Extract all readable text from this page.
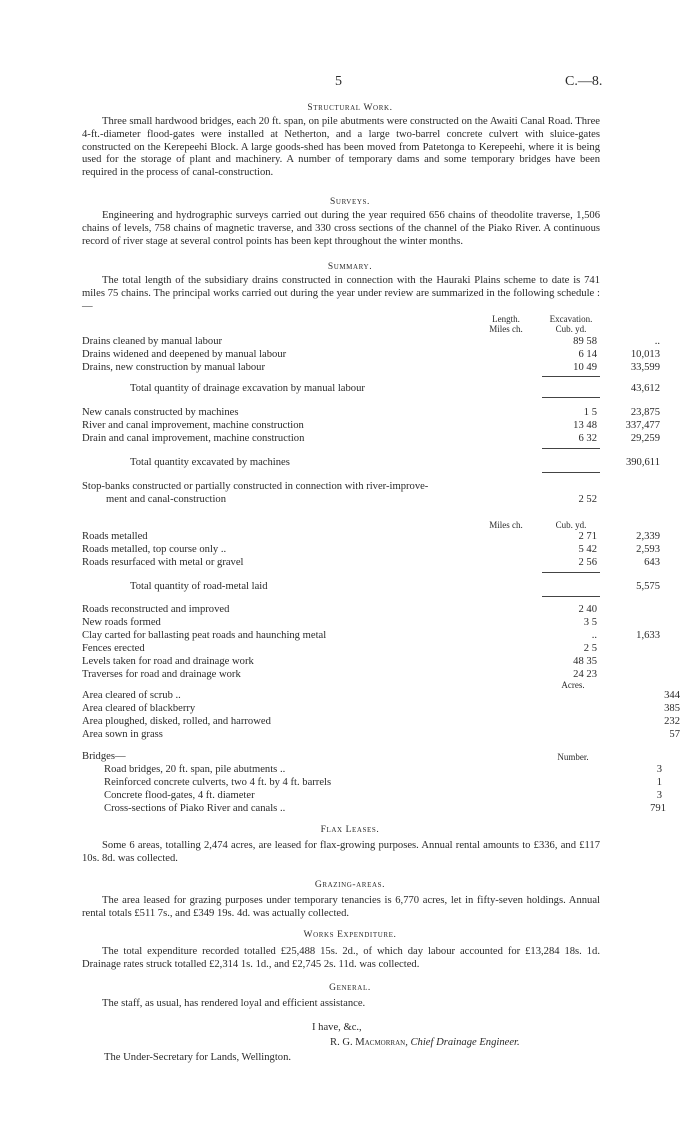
5	C.—8.
Structural Work.
Three small hardwood bridges, each 20 ft. span, on pile abutments were constructed on the Awaiti Canal Road. Three 4-ft.-diameter flood-gates were installed at Netherton, and a large two-barrel concrete culvert with sluice-gates constructed on the Kerepeehi Block. A large goods-shed has been moved from Patetonga to Kerepeehi, where it is being used for the storage of plant and machinery. A number of temporary dams and some temporary bridges have been required in the process of canal-construction.
Surveys.
Engineering and hydrographic surveys carried out during the year required 656 chains of theodolite traverse, 1,506 chains of levels, 758 chains of magnetic traverse, and 330 cross sections of the channel of the Piako River. A continuous record of river stage at several control points has been kept throughout the winter months.
Summary.
The total length of the subsidiary drains constructed in connection with the Hauraki Plains scheme to date is 741 miles 75 chains. The principal works carried out during the year under review are summarized in the following schedule :—
Length.
Miles ch.
Excavation.
Cub. yd.
Drains cleaned by manual labour	89 58	..
Drains widened and deepened by manual labour	6 14	10,013
Drains, new construction by manual labour	10 49	33,599
Total quantity of drainage excavation by manual labour	43,612
New canals constructed by machines	1 5	23,875
River and canal improvement, machine construction	13 48	337,477
Drain and canal improvement, machine construction	6 32	29,259
Total quantity excavated by machines	390,611
Stop-banks constructed or partially constructed in connection with river-improve-
ment and canal-construction	2 52
Miles ch.	Cub. yd.
Roads metalled	2 71	2,339
Roads metalled, top course only ..	5 42	2,593
Roads resurfaced with metal or gravel	2 56	643
Total quantity of road-metal laid	5,575
Roads reconstructed and improved	2 40
New roads formed	3 5
Clay carted for ballasting peat roads and haunching metal	..	1,633
Fences erected	2 5
Levels taken for road and drainage work	48 35
Traverses for road and drainage work	24 23
Acres.
Area cleared of scrub ..	344
Area cleared of blackberry	385
Area ploughed, disked, rolled, and harrowed	232
Area sown in grass	57
Bridges—	Number.
Road bridges, 20 ft. span, pile abutments ..	3
Reinforced concrete culverts, two 4 ft. by 4 ft. barrels	1
Concrete flood-gates, 4 ft. diameter	3
Cross-sections of Piako River and canals ..	791
Flax Leases.
Some 6 areas, totalling 2,474 acres, are leased for flax-growing purposes. Annual rental amounts to £336, and £117 10s. 8d. was collected.
Grazing-areas.
The area leased for grazing purposes under temporary tenancies is 6,770 acres, let in fifty-seven holdings. Annual rental totals £511 7s., and £349 19s. 4d. was actually collected.
Works Expenditure.
The total expenditure recorded totalled £25,488 15s. 2d., of which day labour accounted for £13,284 18s. 1d. Drainage rates struck totalled £2,314 1s. 1d., and £2,745 2s. 11d. was collected.
General.
The staff, as usual, has rendered loyal and efficient assistance.
I have, &c.,
R. G. Macmorran, Chief Drainage Engineer.
The Under-Secretary for Lands, Wellington.
